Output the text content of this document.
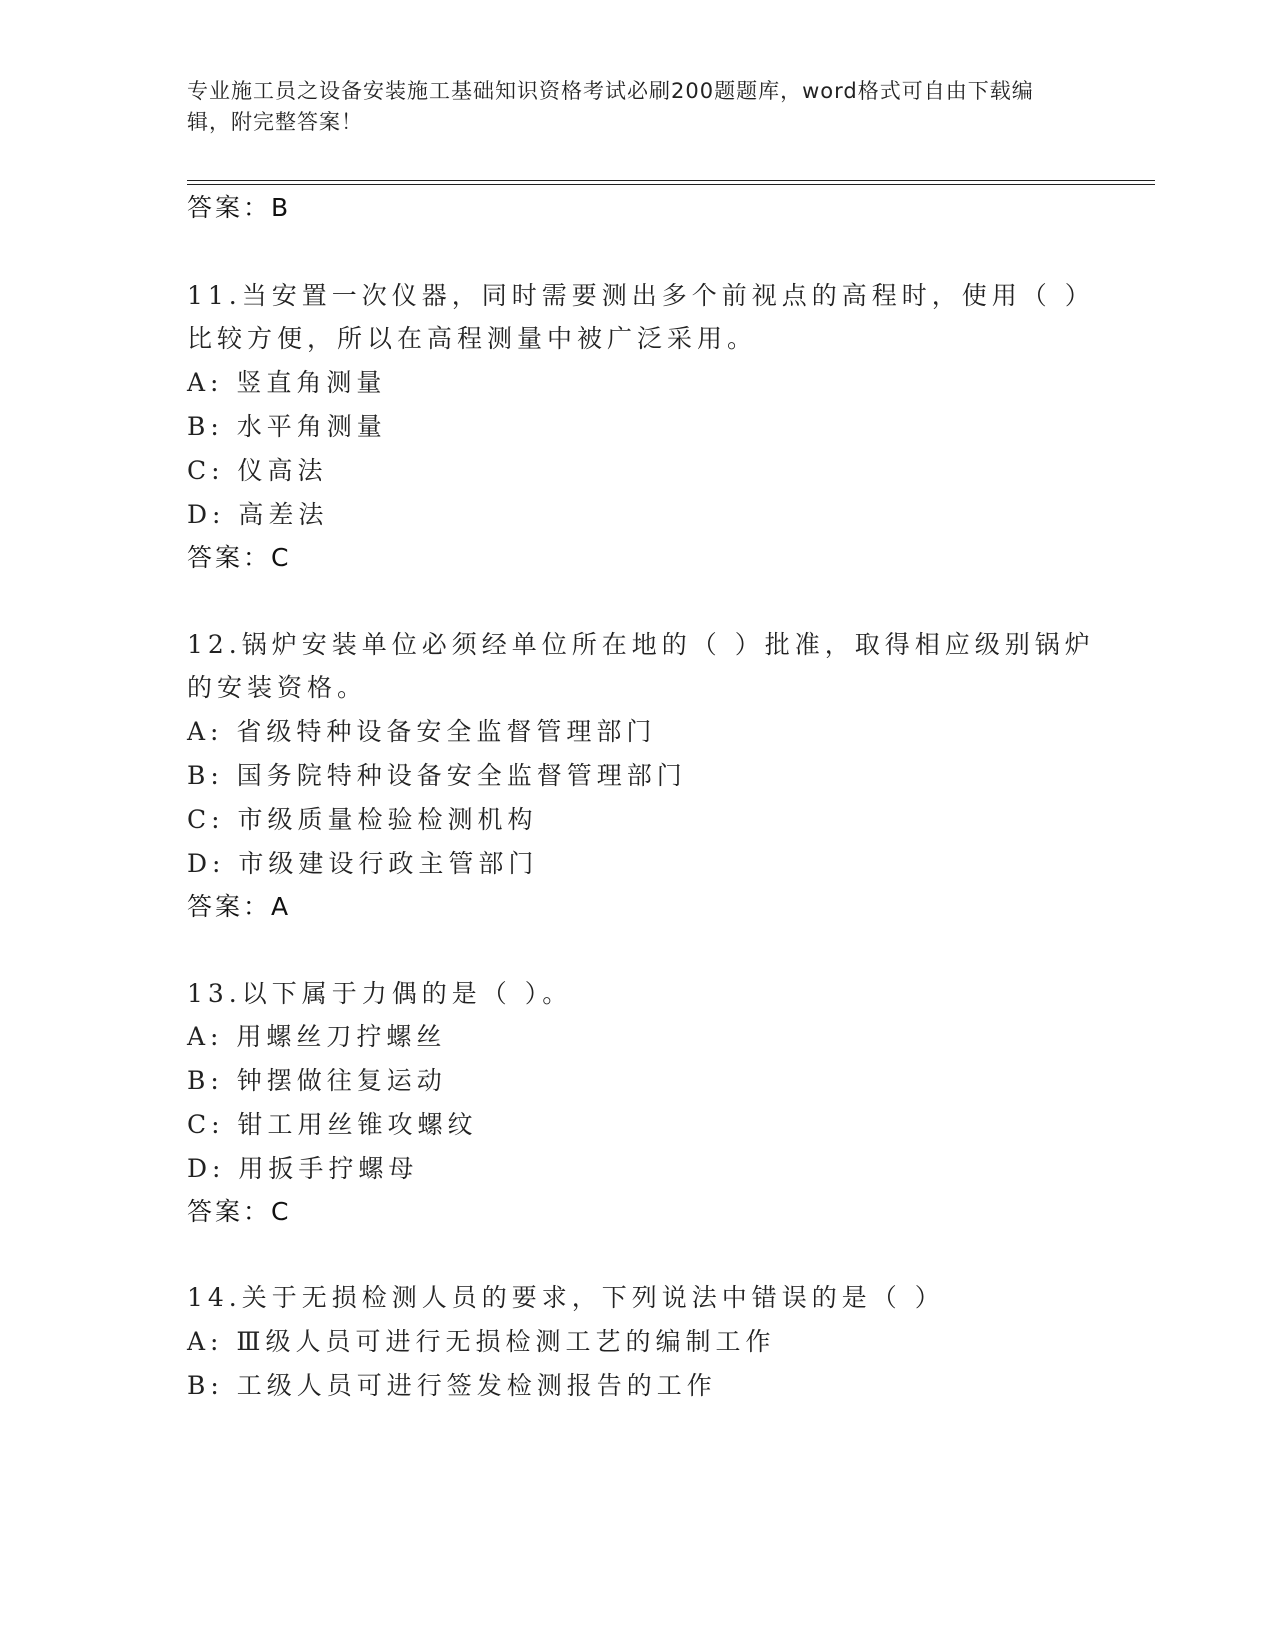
专业施工员之设备安装施工基础知识资格考试必刷200题题库，word格式可自由下载编辑，附完整答案！
答案：B
11.当安置一次仪器，同时需要测出多个前视点的高程时，使用（ ）
比较方便，所以在高程测量中被广泛采用。
A: 竖直角测量
B: 水平角测量
C: 仪高法
D: 高差法
答案：C
12.锅炉安装单位必须经单位所在地的（ ）批准，取得相应级别锅炉
的安装资格。
A: 省级特种设备安全监督管理部门
B: 国务院特种设备安全监督管理部门
C: 市级质量检验检测机构
D: 市级建设行政主管部门
答案：A
13.以下属于力偶的是（ ）。
A: 用螺丝刀拧螺丝
B: 钟摆做往复运动
C: 钳工用丝锥攻螺纹
D: 用扳手拧螺母
答案：C
14.关于无损检测人员的要求，下列说法中错误的是（ ）
A: Ⅲ级人员可进行无损检测工艺的编制工作
B: 工级人员可进行签发检测报告的工作
